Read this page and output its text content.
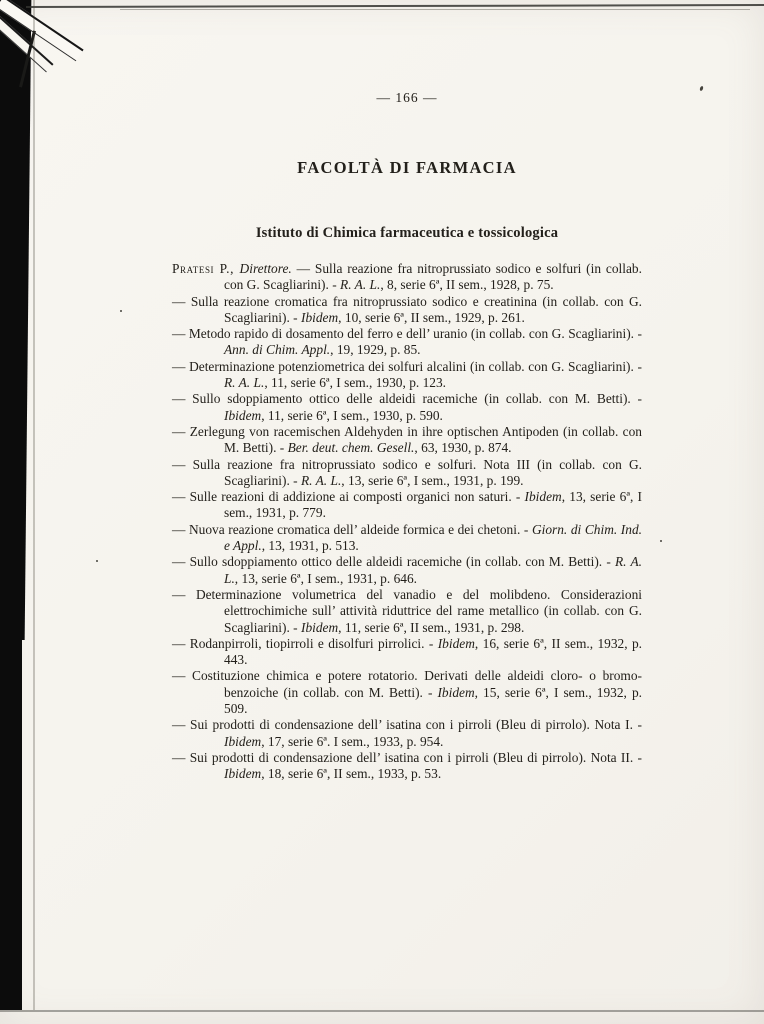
— 166 —
FACOLTÀ DI FARMACIA
Istituto di Chimica farmaceutica e tossicologica

Pratesi P., Direttore. — Sulla reazione fra nitroprussiato sodico e solfuri (in collab. con G. Scagliarini). - R. A. L., 8, serie 6ª, II sem., 1928, p. 75.

— Sulla reazione cromatica fra nitroprussiato sodico e creatinina (in collab. con G. Scagliarini). - Ibidem, 10, serie 6ª, II sem., 1929, p. 261.

— Metodo rapido di dosamento del ferro e dell’ uranio (in collab. con G. Scagliarini). - Ann. di Chim. Appl., 19, 1929, p. 85.

— Determinazione potenziometrica dei solfuri alcalini (in collab. con G. Scagliarini). - R. A. L., 11, serie 6ª, I sem., 1930, p. 123.

— Sullo sdoppiamento ottico delle aldeidi racemiche (in collab. con M. Betti). - Ibidem, 11, serie 6ª, I sem., 1930, p. 590.

— Zerlegung von racemischen Aldehyden in ihre optischen Antipoden (in collab. con M. Betti). - Ber. deut. chem. Gesell., 63, 1930, p. 874.

— Sulla reazione fra nitroprussiato sodico e solfuri. Nota III (in collab. con G. Scagliarini). - R. A. L., 13, serie 6ª, I sem., 1931, p. 199.

— Sulle reazioni di addizione ai composti organici non saturi. - Ibidem, 13, serie 6ª, I sem., 1931, p. 779.

— Nuova reazione cromatica dell’ aldeide formica e dei chetoni. - Giorn. di Chim. Ind. e Appl., 13, 1931, p. 513.

— Sullo sdoppiamento ottico delle aldeidi racemiche (in collab. con M. Betti). - R. A. L., 13, serie 6ª, I sem., 1931, p. 646.

— Determinazione volumetrica del vanadio e del molibdeno. Considerazioni elettrochimiche sull’ attività riduttrice del rame metallico (in collab. con G. Scagliarini). - Ibidem, 11, serie 6ª, II sem., 1931, p. 298.

— Rodanpirroli, tiopirroli e disolfuri pirrolici. - Ibidem, 16, serie 6ª, II sem., 1932, p. 443.

— Costituzione chimica e potere rotatorio. Derivati delle aldeidi cloro- o bromo-benzoiche (in collab. con M. Betti). - Ibidem, 15, serie 6ª, I sem., 1932, p. 509.

— Sui prodotti di condensazione dell’ isatina con i pirroli (Bleu di pirrolo). Nota I. - Ibidem, 17, serie 6ª. I sem., 1933, p. 954.

— Sui prodotti di condensazione dell’ isatina con i pirroli (Bleu di pirrolo). Nota II. - Ibidem, 18, serie 6ª, II sem., 1933, p. 53.
